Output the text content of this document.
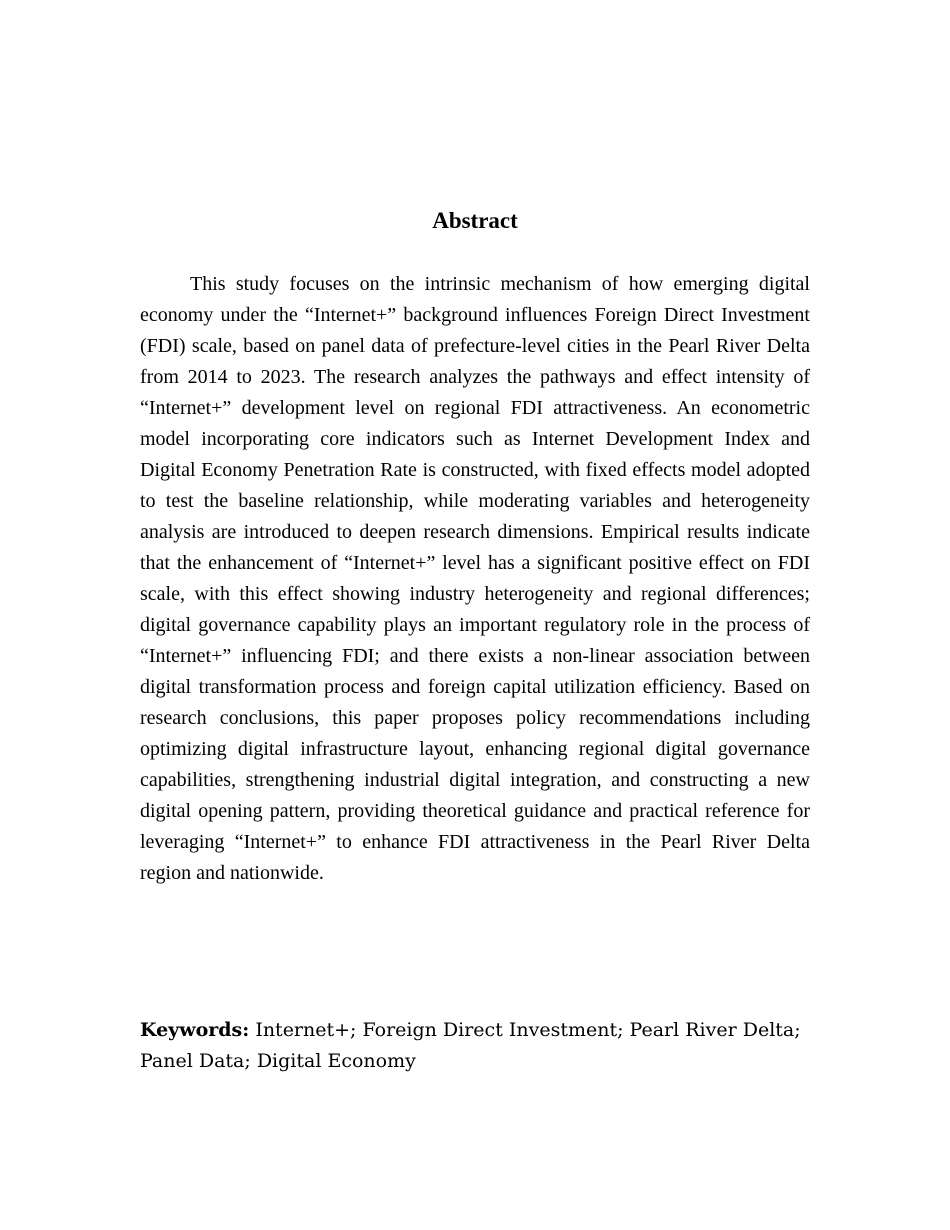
Abstract

This study focuses on the intrinsic mechanism of how emerging digital economy under the “Internet+” background influences Foreign Direct Investment (FDI) scale, based on panel data of prefecture-level cities in the Pearl River Delta from 2014 to 2023. The research analyzes the pathways and effect intensity of “Internet+” development level on regional FDI attractiveness. An econometric model incorporating core indicators such as Internet Development Index and Digital Economy Penetration Rate is constructed, with fixed effects model adopted to test the baseline relationship, while moderating variables and heterogeneity analysis are introduced to deepen research dimensions. Empirical results indicate that the enhancement of “Internet+” level has a significant positive effect on FDI scale, with this effect showing industry heterogeneity and regional differences; digital governance capability plays an important regulatory role in the process of “Internet+” influencing FDI; and there exists a non-linear association between digital transformation process and foreign capital utilization efficiency. Based on research conclusions, this paper proposes policy recommendations including optimizing digital infrastructure layout, enhancing regional digital governance capabilities, strengthening industrial digital integration, and constructing a new digital opening pattern, providing theoretical guidance and practical reference for leveraging “Internet+” to enhance FDI attractiveness in the Pearl River Delta region and nationwide.

Keywords: Internet+; Foreign Direct Investment; Pearl River Delta; Panel Data; Digital Economy
